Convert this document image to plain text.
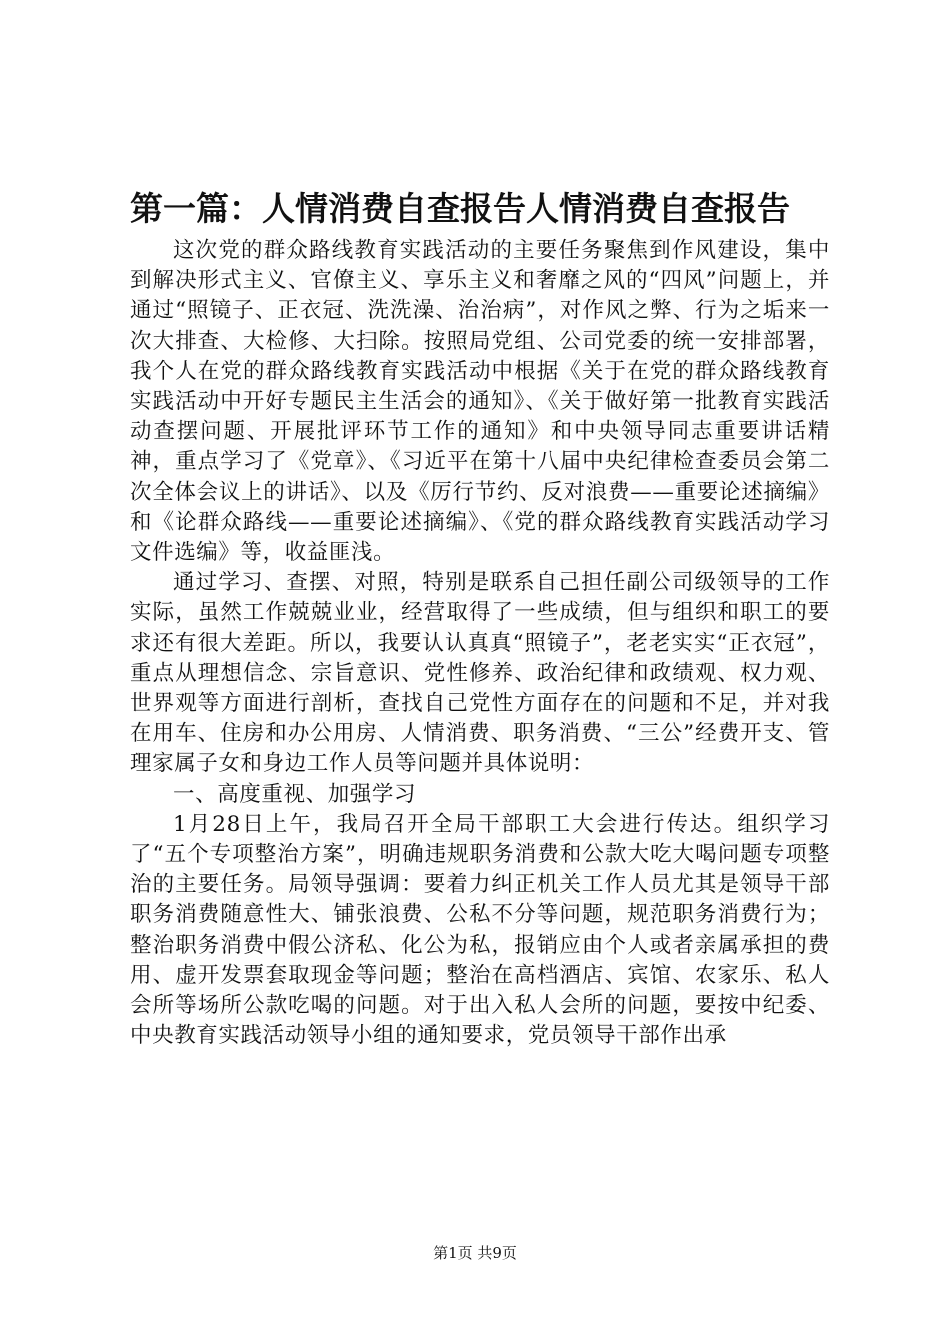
第一篇：人情消费自查报告人情消费自查报告

这次党的群众路线教育实践活动的主要任务聚焦到作风建设，集中到解决形式主义、官僚主义、享乐主义和奢靡之风的“四风”问题上，并通过“照镜子、正衣冠、洗洗澡、治治病”，对作风之弊、行为之垢来一次大排查、大检修、大扫除。按照局党组、公司党委的统一安排部署，我个人在党的群众路线教育实践活动中根据《关于在党的群众路线教育实践活动中开好专题民主生活会的通知》、《关于做好第一批教育实践活动查摆问题、开展批评环节工作的通知》和中央领导同志重要讲话精神，重点学习了《党章》、《习近平在第十八届中央纪律检查委员会第二次全体会议上的讲话》、以及《厉行节约、反对浪费——重要论述摘编》和《论群众路线——重要论述摘编》、《党的群众路线教育实践活动学习文件选编》等，收益匪浅。

通过学习、查摆、对照，特别是联系自己担任副公司级领导的工作实际，虽然工作兢兢业业，经营取得了一些成绩，但与组织和职工的要求还有很大差距。所以，我要认认真真“照镜子”，老老实实“正衣冠”，重点从理想信念、宗旨意识、党性修养、政治纪律和政绩观、权力观、世界观等方面进行剖析，查找自己党性方面存在的问题和不足，并对我在用车、住房和办公用房、人情消费、职务消费、“三公”经费开支、管理家属子女和身边工作人员等问题并具体说明：

一、高度重视、加强学习

1月28日上午，我局召开全局干部职工大会进行传达。组织学习了“五个专项整治方案”，明确违规职务消费和公款大吃大喝问题专项整治的主要任务。局领导强调：要着力纠正机关工作人员尤其是领导干部职务消费随意性大、铺张浪费、公私不分等问题，规范职务消费行为；整治职务消费中假公济私、化公为私，报销应由个人或者亲属承担的费用、虚开发票套取现金等问题；整治在高档酒店、宾馆、农家乐、私人会所等场所公款吃喝的问题。对于出入私人会所的问题，要按中纪委、中央教育实践活动领导小组的通知要求，党员领导干部作出承

第1页 共9页
